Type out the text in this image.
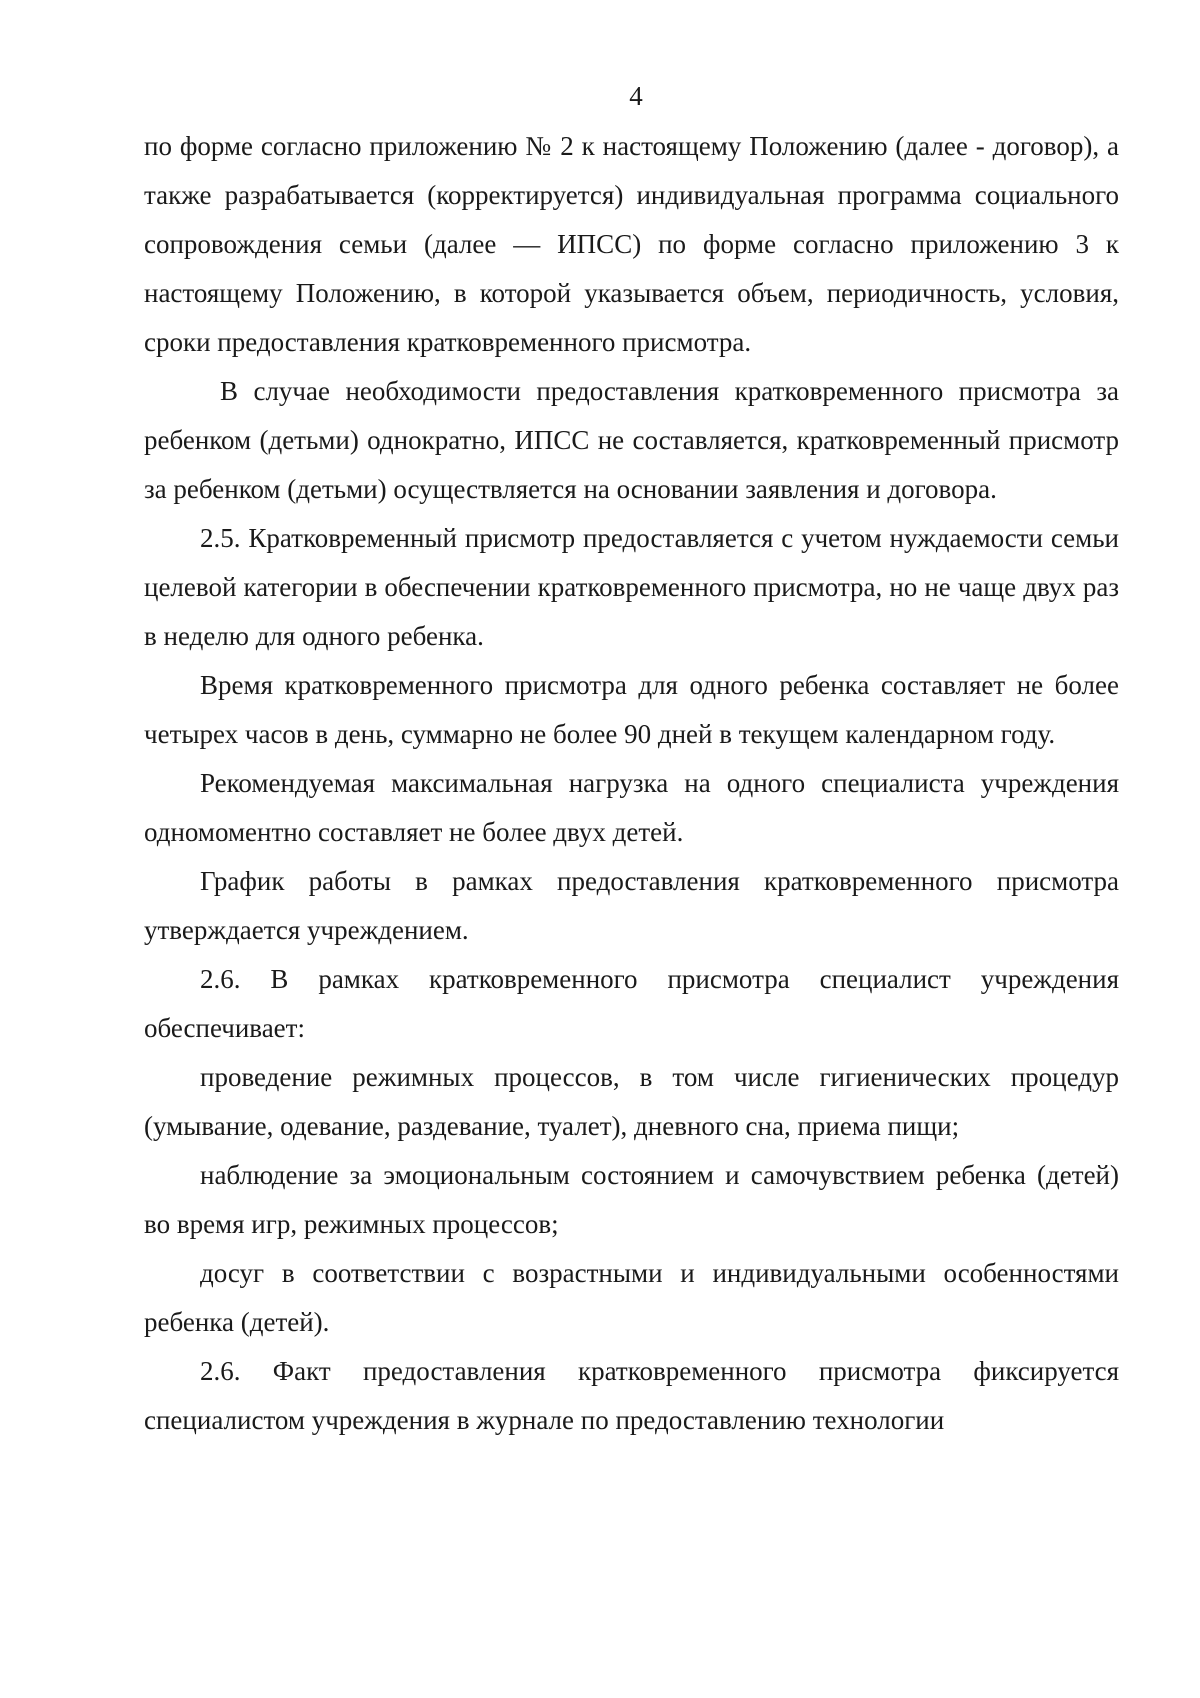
4

по форме согласно приложению № 2 к настоящему Положению (далее - договор), а также разрабатывается (корректируется) индивидуальная программа социального сопровождения семьи (далее — ИПСС) по форме согласно приложению 3 к настоящему Положению, в которой указывается объем, периодичность, условия, сроки предоставления кратковременного присмотра.

В случае необходимости предоставления кратковременного присмотра за ребенком (детьми) однократно, ИПСС не составляется, кратковременный присмотр за ребенком (детьми) осуществляется на основании заявления и договора.

2.5. Кратковременный присмотр предоставляется с учетом нуждаемости семьи целевой категории в обеспечении кратковременного присмотра, но не чаще двух раз в неделю для одного ребенка.

Время кратковременного присмотра для одного ребенка составляет не более четырех часов в день, суммарно не более 90 дней в текущем календарном году.

Рекомендуемая максимальная нагрузка на одного специалиста учреждения одномоментно составляет не более двух детей.

График работы в рамках предоставления кратковременного присмотра утверждается учреждением.

2.6. В рамках кратковременного присмотра специалист учреждения обеспечивает:

проведение режимных процессов, в том числе гигиенических процедур (умывание, одевание, раздевание, туалет), дневного сна, приема пищи;

наблюдение за эмоциональным состоянием и самочувствием ребенка (детей) во время игр, режимных процессов;

досуг в соответствии с возрастными и индивидуальными особенностями ребенка (детей).

2.6. Факт предоставления кратковременного присмотра фиксируется специалистом учреждения в журнале по предоставлению технологии
